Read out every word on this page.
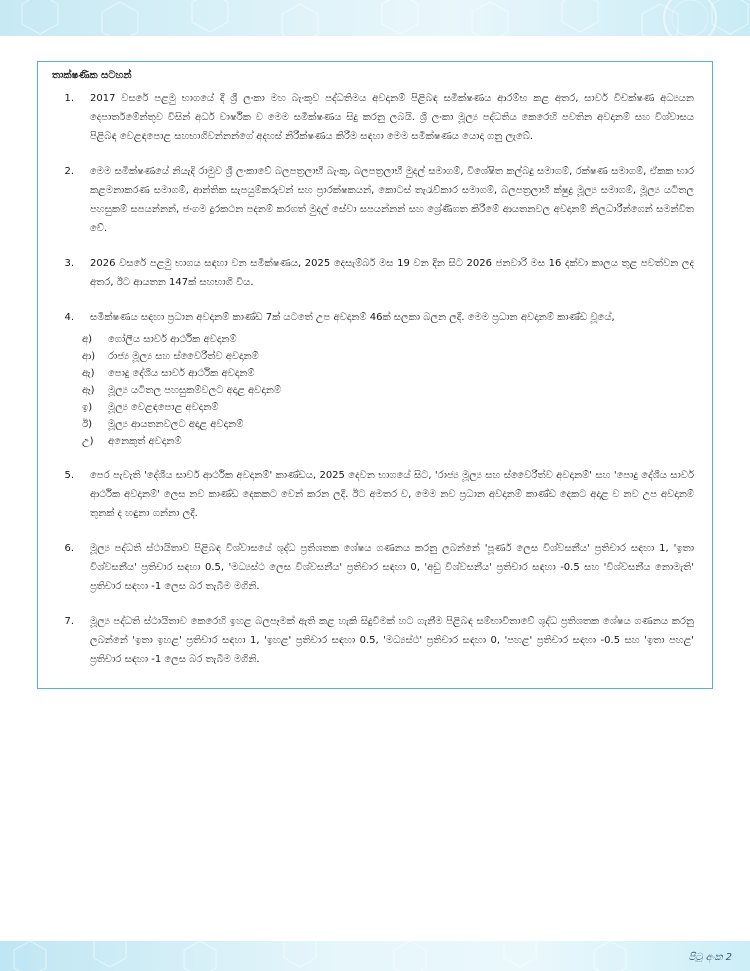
තාක්ෂණික සටහන්

1.	2017 වසරේ පළමු භාගයේ දී ශ්‍රී ලංකා මහ බැංකුව පද්ධතිමය අවදානම් පිළිබඳ සමීක්ෂණය ආරම්භ කළ අතර, සාර්ව විචක්ෂණ අධ්‍යයන දෙපාර්තමේන්තුව විසින් අර්ධ වාර්ෂික ව මෙම සමීක්ෂණය සිදු කරනු ලබයි. ශ්‍රී ලංකා මූල්‍ය පද්ධතිය කෙරෙහි පවතින අවදානම් සහ විශ්වාසය පිළිබඳ වෙළඳපොළ සහභාගිවන්නන්ගේ අදහස් නිරීක්ෂණය කිරීම සඳහා මෙම සමීක්ෂණය යොදා ගනු ලැබේ.
2.	මෙම සමීක්ෂණයේ නියැදි රාමුව ශ්‍රී ලංකාවේ බලපත්‍රලාභී බැංකු, බලපත්‍රලාභී මුදල් සමාගම්, විශේෂිත කල්බදු සමාගම්, රක්ෂණ සමාගම්, ඒකක භාර කළමනාකරණ සමාගම්, ආන්තික සැපයුම්කරුවන් සහ ප්‍රාරක්ෂකයන්, කොටස් තැරැව්කාර සමාගම්, බලපත්‍රලාභී ක්ෂුද්‍ර මූල්‍ය සමාගම්, මූල්‍ය යටිතල පහසුකම් සපයන්නන්, ජංගම දුරකථන පදනම් කරගත් මුදල් සේවා සපයන්නන් සහ ශ්‍රේණිගත කිරීමේ ආයතනවල අවදානම් නිලධාරීන්ගෙන් සමන්විත වේ.
3.	2026 වසරේ පළමු භාගය සඳහා වන සමීක්ෂණය, 2025 දෙසැම්බර් මස 19 වන දින සිට 2026 ජනවාරි මස 16 දක්වා කාලය තුළ පවත්වන ලද අතර, ඊට ආයතන 147ක් සහභාගි විය.
4.	සමීක්ෂණය සඳහා ප්‍රධාන අවදානම් කාණ්ඩ 7ක් යටතේ උප අවදානම් 46ක් සලකා බලන ලදී. මෙම ප්‍රධාන අවදානම් කාණ්ඩ වූයේ,
අ)	ගෝලීය සාර්ව ආර්ථික අවදානම්
ආ)	රාජ්‍ය මූල්‍ය සහ ස්වෛරීත්ව අවදානම්
ඇ)	පොදු දේශීය සාර්ව ආර්ථික අවදානම්
ඈ)	මූල්‍ය යටිතල පහසුකම්වලට අදාළ අවදානම්
ඉ)	මූල්‍ය වෙළඳපොළ අවදානම්
ඊ)	මූල්‍ය ආයතනවලට අදාළ අවදානම්
උ)	අනෙකුත් අවදානම්
5.	පෙර පැවැති 'දේශීය සාර්ව ආර්ථික අවදානම්' කාණ්ඩය, 2025 දෙවන භාගයේ සිට, 'රාජ්‍ය මූල්‍ය සහ ස්වෛරීත්ව අවදානම්' සහ 'පොදු දේශීය සාර්ව ආර්ථික අවදානම්' ලෙස නව කාණ්ඩ දෙකකට වෙන් කරන ලදී. ඊට අමතර ව, මෙම නව ප්‍රධාන අවදානම් කාණ්ඩ දෙකට අදාළ ව නව උප අවදානම් තුනක් ද හඳුනා ගන්නා ලදී.
6.	මූල්‍ය පද්ධති ස්ථායිතාව පිළිබඳ විශ්වාසයේ ශුද්ධ ප්‍රතිශතක ශේෂය ගණනය කරනු ලබන්නේ 'පූර්ණ ලෙස විශ්වසනීය' ප්‍රතිචාර සඳහා 1, 'ඉතා විශ්වසනීය' ප්‍රතිචාර සඳහා 0.5, 'මධ්‍යස්ථ ලෙස විශ්වසනීය' ප්‍රතිචාර සඳහා 0, 'අඩු විශ්වසනීය' ප්‍රතිචාර සඳහා -0.5 සහ 'විශ්වසනීය නොමැති' ප්‍රතිචාර සඳහා -1 ලෙස බර තැබීම මගිනි.
7.	මූල්‍ය පද්ධති ස්ථායිතාව කෙරෙහි ඉහළ බලපෑමක් ඇති කළ හැකි සිදුවීමක් හට ගැනීම පිළිබඳ සම්භාවිතාවේ ශුද්ධ ප්‍රතිශතක ශේෂය ගණනය කරනු ලබන්නේ 'ඉතා ඉහළ' ප්‍රතිචාර සඳහා 1, 'ඉහළ' ප්‍රතිචාර සඳහා 0.5, 'මධ්‍යස්ථ' ප්‍රතිචාර සඳහා 0, 'පහළ' ප්‍රතිචාර සඳහා -0.5 සහ 'ඉතා පහළ' ප්‍රතිචාර සඳහා -1 ලෙස බර තැබීම මගිනි.
පිටු අංක 2
